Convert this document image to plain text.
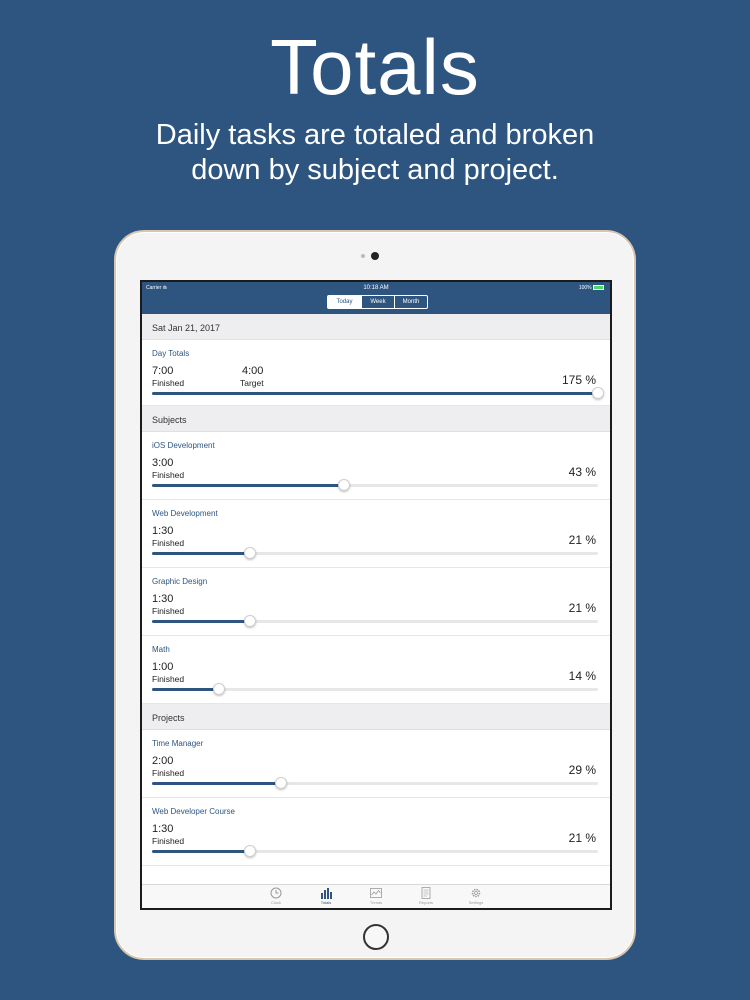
Totals
Daily tasks are totaled and broken
down by subject and project.
Carrier ⋒	10:18 AM	100%
Today	Week	Month
Sat Jan 21, 2017
Day Totals
7:00
Finished
4:00
Target	175 %
Subjects
iOS Development
3:00
Finished	43 %
Web Development
1:30
Finished	21 %
Graphic Design
1:30
Finished	21 %
Math
1:00
Finished	14 %
Projects
Time Manager
2:00
Finished	29 %
Web Developer Course
1:30
Finished	21 %
Clock	Totals	Trends	Reports	Settings
